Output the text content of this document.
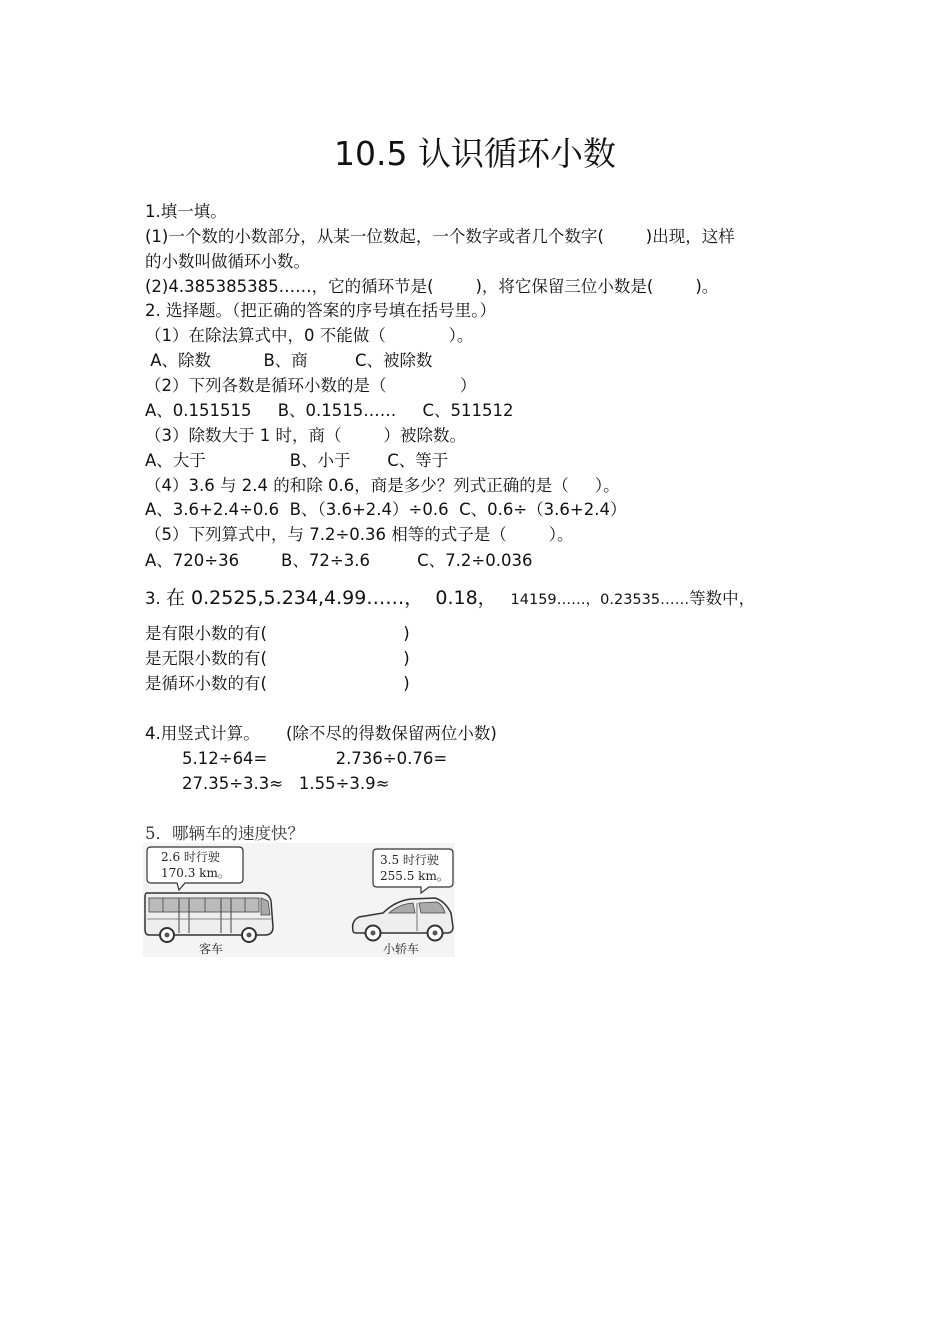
10.5 认识循环小数
1.填一填。
(1)一个数的小数部分，从某一位数起，一个数字或者几个数字(        )出现，这样
的小数叫做循环小数。
(2)4.385385385……，它的循环节是(        )，将它保留三位小数是(        )。
2. 选择题。（把正确的答案的序号填在括号里。）
（1）在除法算式中，0 不能做（            ）。
A、除数          B、商         C、被除数
（2）下列各数是循环小数的是（              ）
A、0.151515     B、0.1515……     C、511512
（3）除数大于 1 时，商（        ）被除数。
A、大于                B、小于       C、等于
（4）3.6 与 2.4 的和除 0.6，商是多少？列式正确的是（     ）。
A、3.6+2.4÷0.6  B、（3.6+2.4）÷0.6  C、0.6÷（3.6+2.4）
（5）下列算式中，与 7.2÷0.36 相等的式子是（        ）。
A、720÷36        B、72÷3.6         C、7.2÷0.036
3. 在 0.2525,5.234,4.99……，  0.18，   14159……，0.23535……等数中，
是有限小数的有(                          )
是无限小数的有(                          )
是循环小数的有(                          )
4.用竖式计算。     (除不尽的得数保留两位小数)
5.12÷64=             2.736÷0.76=
27.35÷3.3≈   1.55÷3.9≈
5．哪辆车的速度快？
2.6 时行驶
170.3 km。
客车
3.5 时行驶
255.5 km。
小轿车
